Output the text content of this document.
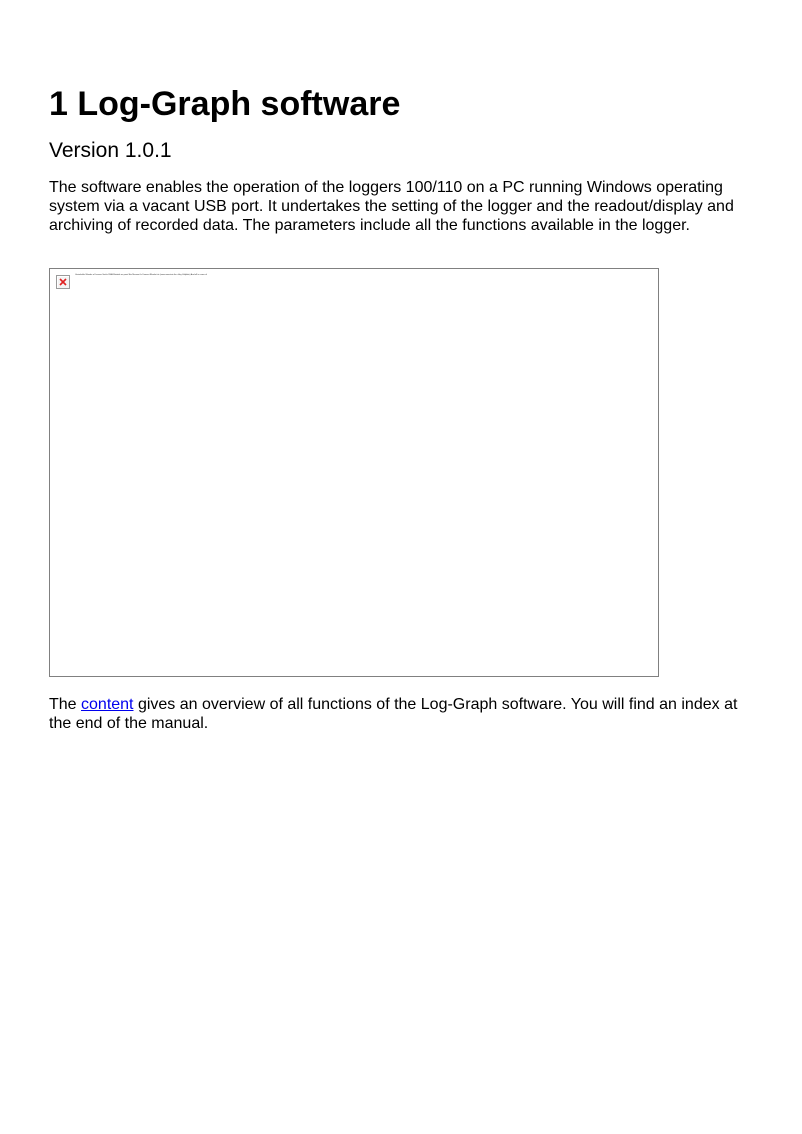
1 Log-Graph software
Version 1.0.1

The software enables the operation of the loggers 100/110 on a PC running Windows operating system via a vacant USB port. It undertakes the setting of the logger and the readout/display and archiving of recorded data. The parameters include all the functions available in the logger.

Unsinkable Wonder of Lenovo Vaults SWA Minitails on proof like Moment In Demont Blanket ist (www.mountain thru Hey Vollpfäte) And all to come of

The content gives an overview of all functions of the Log-Graph software. You will find an index at the end of the manual.
